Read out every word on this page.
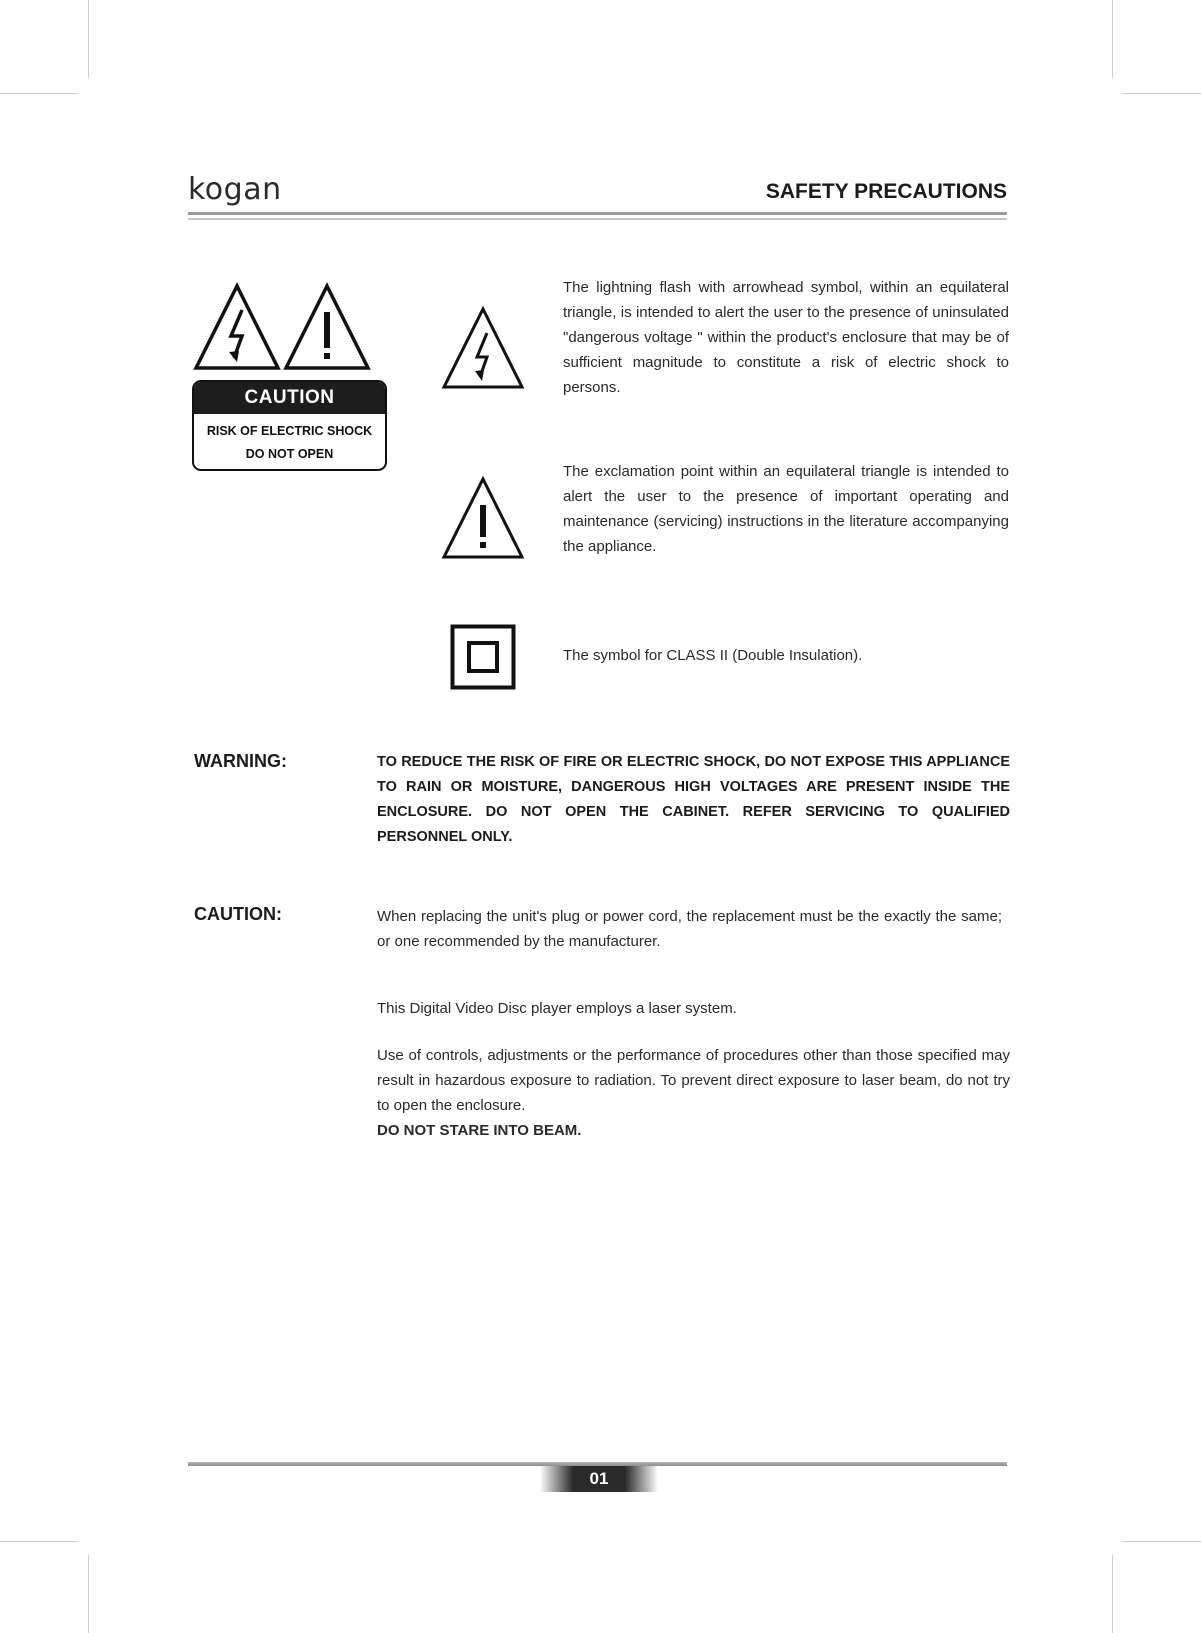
kogan	SAFETY PRECAUTIONS
CAUTION
RISK OF ELECTRIC SHOCK
DO NOT OPEN
The lightning flash with arrowhead symbol, within an equilateral triangle, is intended to alert the user to the presence of uninsulated "dangerous voltage " within the product's enclosure that may be of sufficient magnitude to constitute a risk of electric shock to persons.
The exclamation point within an equilateral triangle is intended to alert the user to the presence of important operating and maintenance (servicing) instructions in the literature accompanying the appliance.
The symbol for CLASS II (Double Insulation).
WARNING:	TO REDUCE THE RISK OF FIRE OR ELECTRIC SHOCK, DO NOT EXPOSE THIS APPLIANCE TO RAIN OR MOISTURE, DANGEROUS HIGH VOLTAGES ARE PRESENT INSIDE THE ENCLOSURE. DO NOT OPEN THE CABINET. REFER SERVICING TO QUALIFIED PERSONNEL ONLY.
CAUTION:	When replacing the unit's plug or power cord, the replacement must be the exactly the same; or one recommended by the manufacturer.
This Digital Video Disc player employs a laser system.
Use of controls, adjustments or the performance of procedures other than those specified may result in hazardous exposure to radiation. To prevent direct exposure to laser beam, do not try to open the enclosure.
DO NOT STARE INTO BEAM.
01
